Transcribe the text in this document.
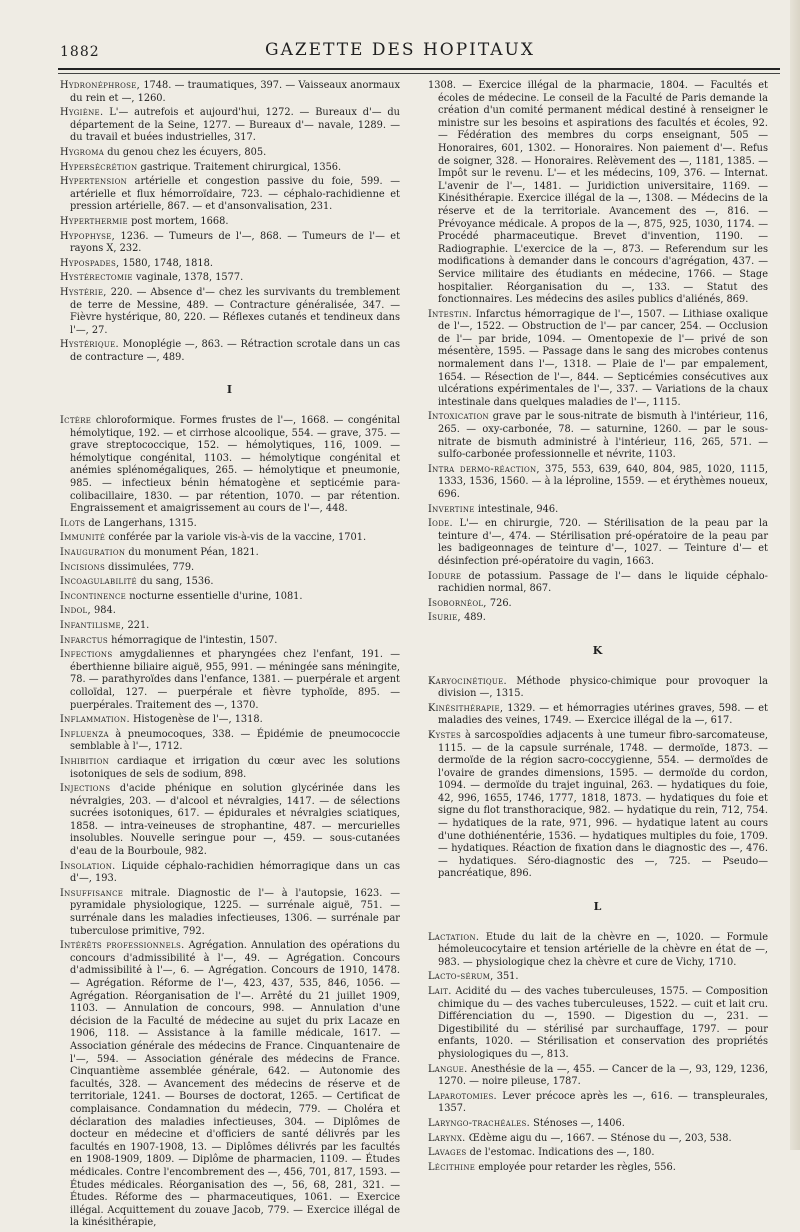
1882	GAZETTE DES HOPITAUX

Hydronéphrose, 1748. — traumatiques, 397. — Vaisseaux anormaux du rein et —, 1260.

Hygiène. L'— autrefois et aujourd'hui, 1272. — Bureaux d'— du département de la Seine, 1277. — Bureaux d'— navale, 1289. — du travail et buées industrielles, 317.

Hygroma du genou chez les écuyers, 805.

Hypersécrétion gastrique. Traitement chirurgical, 1356.

Hypertension artérielle et congestion passive du foie, 599. — artérielle et flux hémorroïdaire, 723. — céphalo-rachidienne et pression artérielle, 867. — et d'ansonvalisation, 231.

Hyperthermie post mortem, 1668.

Hypophyse, 1236. — Tumeurs de l'—, 868. — Tumeurs de l'— et rayons X, 232.

Hypospades, 1580, 1748, 1818.

Hystérectomie vaginale, 1378, 1577.

Hystérie, 220. — Absence d'— chez les survivants du tremblement de terre de Messine, 489. — Contracture généralisée, 347. — Fièvre hystérique, 80, 220. — Réflexes cutanés et tendineux dans l'—, 27.

Hystérique. Monoplégie —, 863. — Rétraction scrotale dans un cas de contracture —, 489.

I

Ictère chloroformique. Formes frustes de l'—, 1668. — congénital hémolytique, 192. — et cirrhose alcoolique, 554. — grave, 375. — grave streptococcique, 152. — hémolytiques, 116, 1009. — hémolytique congénital, 1103. — hémolytique congénital et anémies splénomégaliques, 265. — hémolytique et pneumonie, 985. — infectieux bénin hématogène et septicémie para-colibacillaire, 1830. — par rétention, 1070. — par rétention. Engraissement et amaigrissement au cours de l'—, 448.

Ilots de Langerhans, 1315.

Immunité conférée par la variole vis-à-vis de la vaccine, 1701.

Inauguration du monument Péan, 1821.

Incisions dissimulées, 779.

Incoagulabilité du sang, 1536.

Incontinence nocturne essentielle d'urine, 1081.

Indol, 984.

Infantilisme, 221.

Infarctus hémorragique de l'intestin, 1507.

Infections amygdaliennes et pharyngées chez l'enfant, 191. — éberthienne biliaire aiguë, 955, 991. — méningée sans méningite, 78. — parathyroïdes dans l'enfance, 1381. — puerpérale et argent colloïdal, 127. — puerpérale et fièvre typhoïde, 895. — puerpérales. Traitement des —, 1370.

Inflammation. Histogenèse de l'—, 1318.

Influenza à pneumocoques, 338. — Épidémie de pneumococcie semblable à l'—, 1712.

Inhibition cardiaque et irrigation du cœur avec les solutions isotoniques de sels de sodium, 898.

Injections d'acide phénique en solution glycérinée dans les névralgies, 203. — d'alcool et névralgies, 1417. — de sélections sucrées isotoniques, 617. — épidurales et névralgies sciatiques, 1858. — intra-veineuses de strophantine, 487. — mercurielles insolubles. Nouvelle seringue pour —, 459. — sous-cutanées d'eau de la Bourboule, 982.

Insolation. Liquide céphalo-rachidien hémorragique dans un cas d'—, 193.

Insuffisance mitrale. Diagnostic de l'— à l'autopsie, 1623. — pyramidale physiologique, 1225. — surrénale aiguë, 751. — surrénale dans les maladies infectieuses, 1306. — surrénale par tuberculose primitive, 792.

Intérêts professionnels. Agrégation. Annulation des opérations du concours d'admissibilité à l'—, 49. — Agrégation. Concours d'admissibilité à l'—, 6. — Agrégation. Concours de 1910, 1478. — Agrégation. Réforme de l'—, 423, 437, 535, 846, 1056. — Agrégation. Réorganisation de l'—. Arrêté du 21 juillet 1909, 1103. — Annulation de concours, 998. — Annulation d'une décision de la Faculté de médecine au sujet du prix Lacaze en 1906, 118. — Assistance à la famille médicale, 1617. — Association générale des médecins de France. Cinquantenaire de l'—, 594. — Association générale des médecins de France. Cinquantième assemblée générale, 642. — Autonomie des facultés, 328. — Avancement des médecins de réserve et de territoriale, 1241. — Bourses de doctorat, 1265. — Certificat de complaisance. Condamnation du médecin, 779. — Choléra et déclaration des maladies infectieuses, 304. — Diplômes de docteur en médecine et d'officiers de santé délivrés par les facultés en 1907-1908, 13. — Diplômes délivrés par les facultés en 1908-1909, 1809. — Diplôme de pharmacien, 1109. — Études médicales. Contre l'encombrement des —, 456, 701, 817, 1593. — Études médicales. Réorganisation des —, 56, 68, 281, 321. — Études. Réforme des — pharmaceutiques, 1061. — Exercice illégal. Acquittement du zouave Jacob, 779. — Exercice illégal de la kinésithérapie,

1308. — Exercice illégal de la pharmacie, 1804. — Facultés et écoles de médecine. Le conseil de la Faculté de Paris demande la création d'un comité permanent médical destiné à renseigner le ministre sur les besoins et aspirations des facultés et écoles, 92. — Fédération des membres du corps enseignant, 505 — Honoraires, 601, 1302. — Honoraires. Non paiement d'—. Refus de soigner, 328. — Honoraires. Relèvement des —, 1181, 1385. — Impôt sur le revenu. L'— et les médecins, 109, 376. — Internat. L'avenir de l'—, 1481. — Juridiction universitaire, 1169. — Kinésithérapie. Exercice illégal de la —, 1308. — Médecins de la réserve et de la territoriale. Avancement des —, 816. — Prévoyance médicale. A propos de la —, 875, 925, 1030, 1174. — Procédé pharmaceutique. Brevet d'invention, 1190. — Radiographie. L'exercice de la —, 873. — Referendum sur les modifications à demander dans le concours d'agrégation, 437. — Service militaire des étudiants en médecine, 1766. — Stage hospitalier. Réorganisation du —, 133. — Statut des fonctionnaires. Les médecins des asiles publics d'aliénés, 869.

Intestin. Infarctus hémorragique de l'—, 1507. — Lithiase oxalique de l'—, 1522. — Obstruction de l'— par cancer, 254. — Occlusion de l'— par bride, 1094. — Omentopexie de l'— privé de son mésentère, 1595. — Passage dans le sang des microbes contenus normalement dans l'—, 1318. — Plaie de l'— par empalement, 1654. — Résection de l'—, 844. — Septicémies consécutives aux ulcérations expérimentales de l'—, 337. — Variations de la chaux intestinale dans quelques maladies de l'—, 1115.

Intoxication grave par le sous-nitrate de bismuth à l'intérieur, 116, 265. — oxy-carbonée, 78. — saturnine, 1260. — par le sous-nitrate de bismuth administré à l'intérieur, 116, 265, 571. — sulfo-carbonée professionnelle et névrite, 1103.

Intra dermo-réaction, 375, 553, 639, 640, 804, 985, 1020, 1115, 1333, 1536, 1560. — à la léproline, 1559. — et érythèmes noueux, 696.

Invertine intestinale, 946.

Iode. L'— en chirurgie, 720. — Stérilisation de la peau par la teinture d'—, 474. — Stérilisation pré-opératoire de la peau par les badigeonnages de teinture d'—, 1027. — Teinture d'— et désinfection pré-opératoire du vagin, 1663.

Iodure de potassium. Passage de l'— dans le liquide céphalo-rachidien normal, 867.

Isobornéol, 726.

Isurie, 489.

K

Karyocinétique. Méthode physico-chimique pour provoquer la division —, 1315.

Kinésithérapie, 1329. — et hémorragies utérines graves, 598. — et maladies des veines, 1749. — Exercice illégal de la —, 617.

Kystes à sarcospoïdies adjacents à une tumeur fibro-sarcomateuse, 1115. — de la capsule surrénale, 1748. — dermoïde, 1873. — dermoïde de la région sacro-coccygienne, 554. — dermoïdes de l'ovaire de grandes dimensions, 1595. — dermoïde du cordon, 1094. — dermoïde du trajet inguinal, 263. — hydatiques du foie, 42, 996, 1655, 1746, 1777, 1818, 1873. — hydatiques du foie et signe du flot transthoracique, 982. — hydatique du rein, 712, 754. — hydatiques de la rate, 971, 996. — hydatique latent au cours d'une dothiénentérie, 1536. — hydatiques multiples du foie, 1709. — hydatiques. Réaction de fixation dans le diagnostic des —, 476. — hydatiques. Séro-diagnostic des —, 725. — Pseudo— pancréatique, 896.

L

Lactation. Etude du lait de la chèvre en —, 1020. — Formule hémoleucocytaire et tension artérielle de la chèvre en état de —, 983. — physiologique chez la chèvre et cure de Vichy, 1710.

Lacto-sérum, 351.

Lait. Acidité du — des vaches tuberculeuses, 1575. — Composition chimique du — des vaches tuberculeuses, 1522. — cuit et lait cru. Différenciation du —, 1590. — Digestion du —, 231. — Digestibilité du — stérilisé par surchauffage, 1797. — pour enfants, 1020. — Stérilisation et conservation des propriétés physiologiques du —, 813.

Langue. Anesthésie de la —, 455. — Cancer de la —, 93, 129, 1236, 1270. — noire pileuse, 1787.

Laparotomies. Lever précoce après les —, 616. — transpleurales, 1357.

Laryngo-trachéales. Sténoses —, 1406.

Larynx. Œdème aigu du —, 1667. — Sténose du —, 203, 538.

Lavages de l'estomac. Indications des —, 180.

Lécithine employée pour retarder les règles, 556.
